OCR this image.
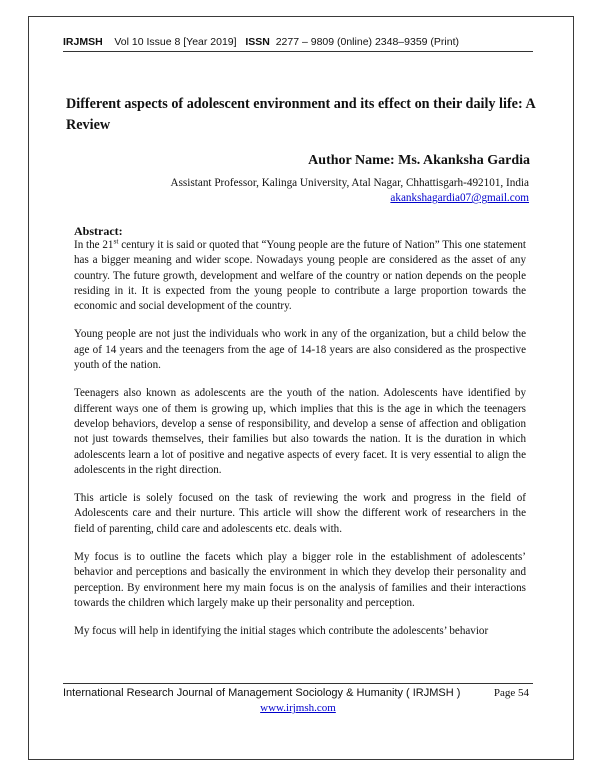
IRJMSH Vol 10 Issue 8 [Year 2019] ISSN 2277 – 9809 (0nline) 2348–9359 (Print)
Different aspects of adolescent environment and its effect on their daily life: A Review
Author Name: Ms. Akanksha Gardia
Assistant Professor, Kalinga University, Atal Nagar, Chhattisgarh-492101, India
akankshagardia07@gmail.com
Abstract:

In the 21st century it is said or quoted that “Young people are the future of Nation” This one statement has a bigger meaning and wider scope. Nowadays young people are considered as the asset of any country. The future growth, development and welfare of the country or nation depends on the people residing in it. It is expected from the young people to contribute a large proportion towards the economic and social development of the country.

Young people are not just the individuals who work in any of the organization, but a child below the age of 14 years and the teenagers from the age of 14-18 years are also considered as the prospective youth of the nation.

Teenagers also known as adolescents are the youth of the nation. Adolescents have identified by different ways one of them is growing up, which implies that this is the age in which the teenagers develop behaviors, develop a sense of responsibility, and develop a sense of affection and obligation not just towards themselves, their families but also towards the nation. It is the duration in which adolescents learn a lot of positive and negative aspects of every facet. It is very essential to align the adolescents in the right direction.

This article is solely focused on the task of reviewing the work and progress in the field of Adolescents care and their nurture. This article will show the different work of researchers in the field of parenting, child care and adolescents etc. deals with.

My focus is to outline the facets which play a bigger role in the establishment of adolescents’ behavior and perceptions and basically the environment in which they develop their personality and perception. By environment here my main focus is on the analysis of families and their interactions towards the children which largely make up their personality and perception.

My focus will help in identifying the initial stages which contribute the adolescents’ behavior

International Research Journal of Management Sociology & Humanity ( IRJMSH )	Page 54
www.irjmsh.com
